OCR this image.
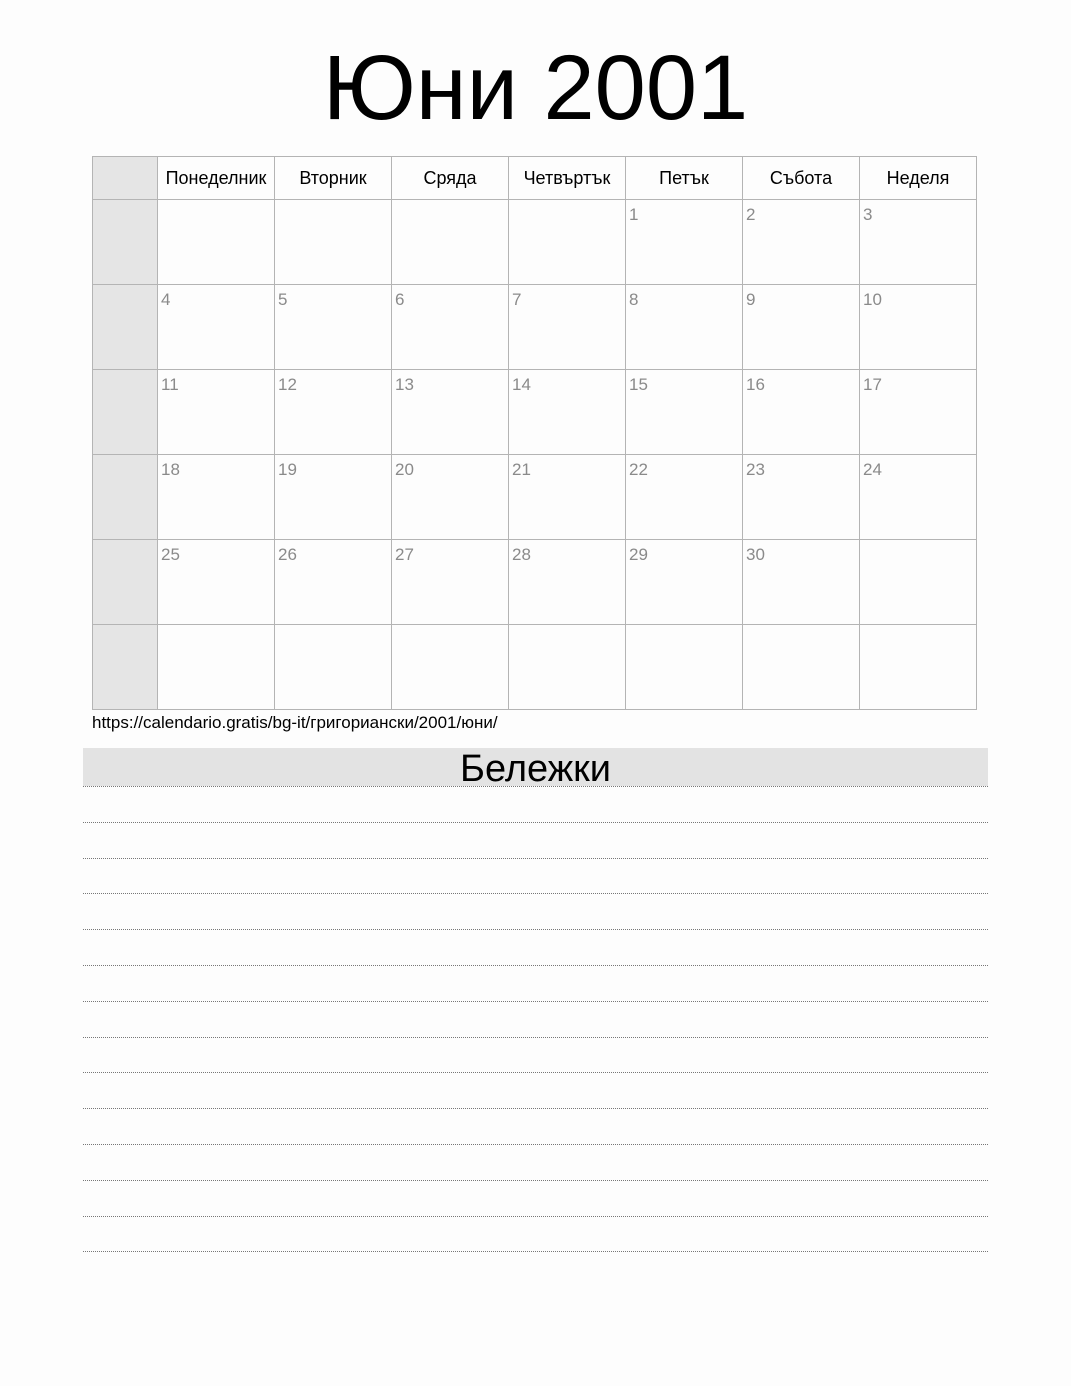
Юни 2001
	Понеделник	Вторник	Сряда	Четвъртък	Петък	Събота	Неделя

					1	2	3

	4	5	6	7	8	9	10

	11	12	13	14	15	16	17

	18	19	20	21	22	23	24

	25	26	27	28	29	30	

https://calendario.gratis/bg-it/григориански/2001/юни/
Бележки
